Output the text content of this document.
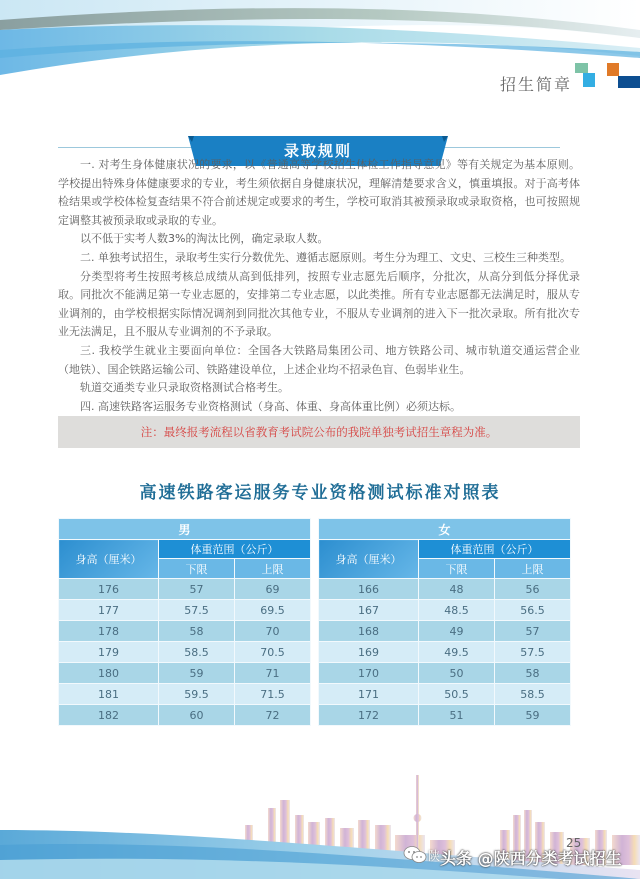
招生简章
录取规则

一. 对考生身体健康状况的要求，以《普通高等学校招生体检工作指导意见》等有关规定为基本原则。学校提出特殊身体健康要求的专业，考生须依据自身健康状况，理解清楚要求含义，慎重填报。对于高考体检结果或学校体检复查结果不符合前述规定或要求的考生，学校可取消其被预录取或录取资格，也可按照规定调整其被预录取或录取的专业。

以不低于实考人数3%的淘汰比例，确定录取人数。

二. 单独考试招生，录取考生实行分数优先、遵循志愿原则。考生分为理工、文史、三校生三种类型。

分类型将考生按照考核总成绩从高到低排列，按照专业志愿先后顺序，分批次，从高分到低分择优录取。同批次不能满足第一专业志愿的，安排第二专业志愿，以此类推。所有专业志愿都无法满足时，服从专业调剂的，由学校根据实际情况调剂到同批次其他专业，不服从专业调剂的进入下一批次录取。所有批次专业无法满足，且不服从专业调剂的不予录取。

三. 我校学生就业主要面向单位：全国各大铁路局集团公司、地方铁路公司、城市轨道交通运营企业（地铁）、国企铁路运输公司、铁路建设单位，上述企业均不招录色盲、色弱毕业生。

轨道交通类专业只录取资格测试合格考生。

四. 高速铁路客运服务专业资格测试（身高、体重、身高体重比例）必须达标。

注：最终报考流程以省教育考试院公布的我院单独考试招生章程为准。
高速铁路客运服务专业资格测试标准对照表
男		
身高（厘米）	体重范围（公斤）	
	下限	上限
176	57	69
177	57.5	69.5
178	58	70
179	58.5	70.5
180	59	71
181	59.5	71.5
182	60	72
女		
身高（厘米）	体重范围（公斤）	
	下限	上限
166	48	56
167	48.5	56.5
168	49	57
169	49.5	57.5
170	50	58
171	50.5	58.5
172	51	59
25
陕 头条 @陕西分类考试招生
